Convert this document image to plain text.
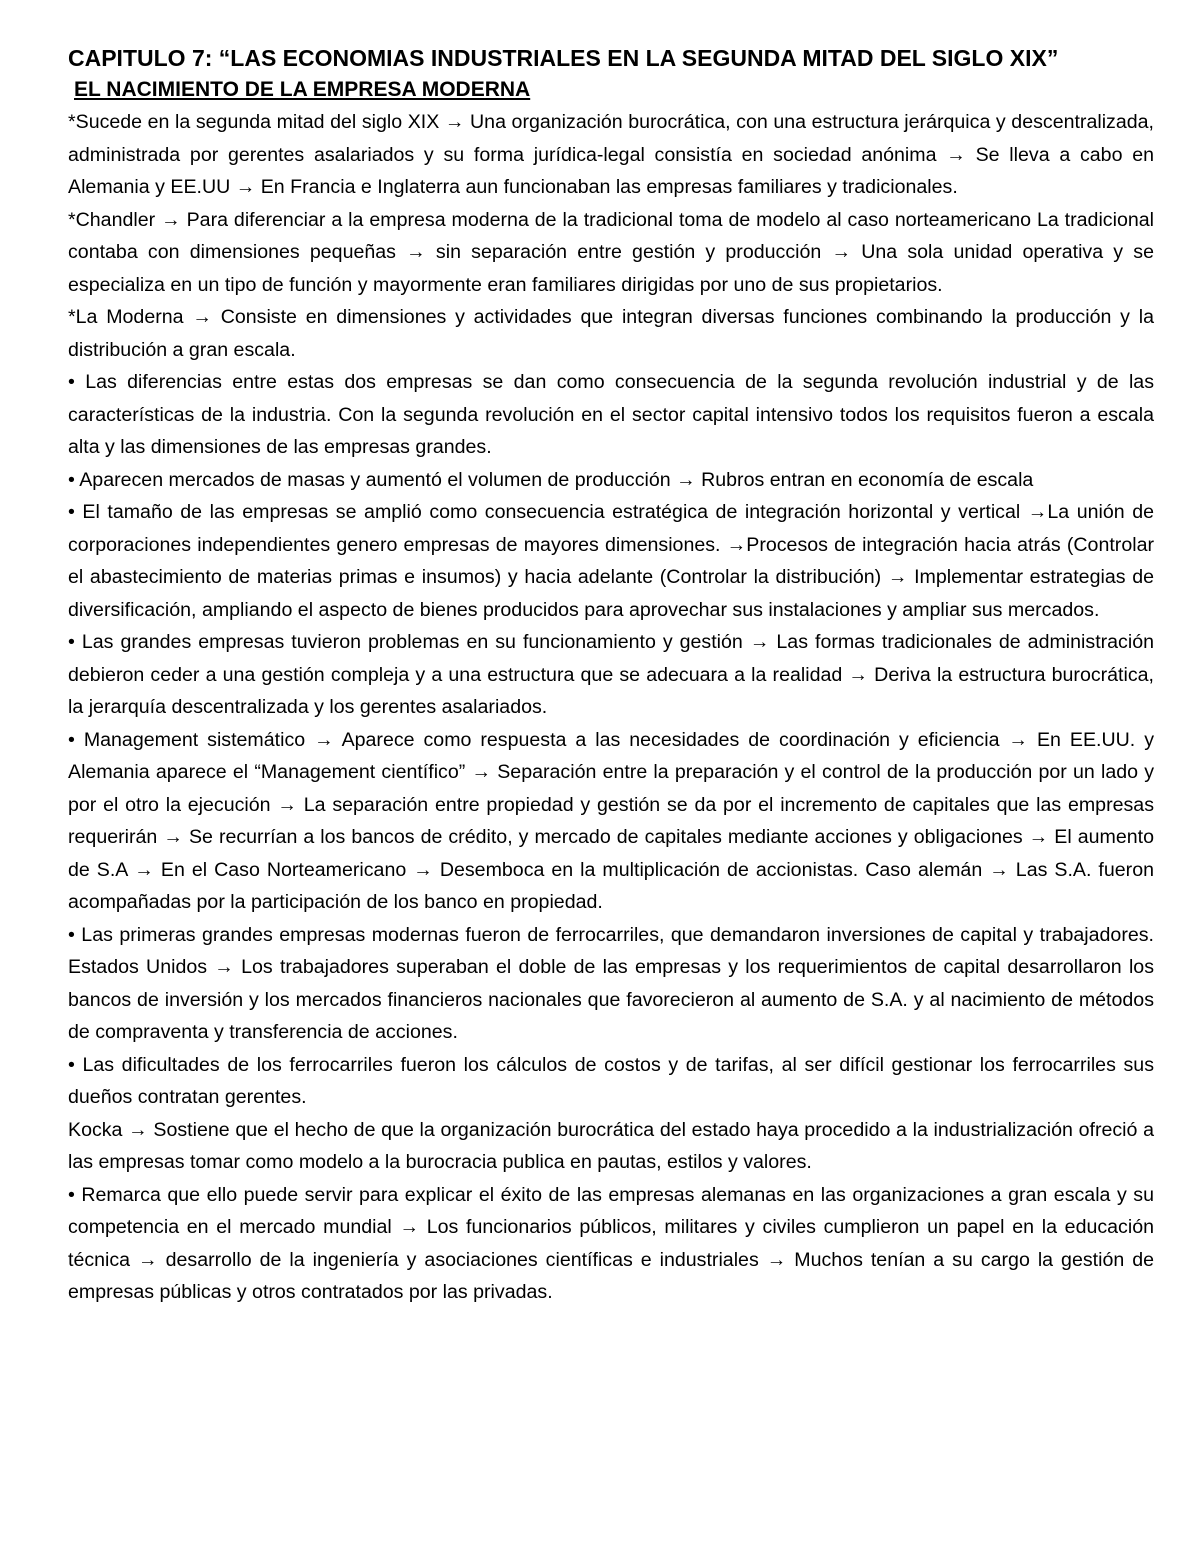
CAPITULO 7: “LAS ECONOMIAS INDUSTRIALES EN LA SEGUNDA MITAD DEL SIGLO XIX”
EL NACIMIENTO DE LA EMPRESA MODERNA

*Sucede en la segunda mitad del siglo XIX → Una organización burocrática, con una estructura jerárquica y descentralizada, administrada por gerentes asalariados y su forma jurídica-legal consistía en sociedad anónima → Se lleva a cabo en Alemania y EE.UU → En Francia e Inglaterra aun funcionaban las empresas familiares y tradicionales.

*Chandler → Para diferenciar a la empresa moderna de la tradicional toma de modelo al caso norteamericano La tradicional contaba con dimensiones pequeñas → sin separación entre gestión y producción → Una sola unidad operativa y se especializa en un tipo de función y mayormente eran familiares dirigidas por uno de sus propietarios.

*La Moderna → Consiste en dimensiones y actividades que integran diversas funciones combinando la producción y la distribución a gran escala.

• Las diferencias entre estas dos empresas se dan como consecuencia de la segunda revolución industrial y de las características de la industria. Con la segunda revolución en el sector capital intensivo todos los requisitos fueron a escala alta y las dimensiones de las empresas grandes.

• Aparecen mercados de masas y aumentó el volumen de producción → Rubros entran en economía de escala

• El tamaño de las empresas se amplió como consecuencia estratégica de integración horizontal y vertical →La unión de corporaciones independientes genero empresas de mayores dimensiones. →Procesos de integración hacia atrás (Controlar el abastecimiento de materias primas e insumos) y hacia adelante (Controlar la distribución) → Implementar estrategias de diversificación, ampliando el aspecto de bienes producidos para aprovechar sus instalaciones y ampliar sus mercados.

• Las grandes empresas tuvieron problemas en su funcionamiento y gestión → Las formas tradicionales de administración debieron ceder a una gestión compleja y a una estructura que se adecuara a la realidad → Deriva la estructura burocrática, la jerarquía descentralizada y los gerentes asalariados.

• Management sistemático → Aparece como respuesta a las necesidades de coordinación y eficiencia → En EE.UU. y Alemania aparece el “Management científico” → Separación entre la preparación y el control de la producción por un lado y por el otro la ejecución → La separación entre propiedad y gestión se da por el incremento de capitales que las empresas requerirán → Se recurrían a los bancos de crédito, y mercado de capitales mediante acciones y obligaciones → El aumento de S.A → En el Caso Norteamericano → Desemboca en la multiplicación de accionistas. Caso alemán → Las S.A. fueron acompañadas por la participación de los banco en propiedad.

• Las primeras grandes empresas modernas fueron de ferrocarriles, que demandaron inversiones de capital y trabajadores. Estados Unidos → Los trabajadores superaban el doble de las empresas y los requerimientos de capital desarrollaron los bancos de inversión y los mercados financieros nacionales que favorecieron al aumento de S.A. y al nacimiento de métodos de compraventa y transferencia de acciones.

• Las dificultades de los ferrocarriles fueron los cálculos de costos y de tarifas, al ser difícil gestionar los ferrocarriles sus dueños contratan gerentes.

Kocka → Sostiene que el hecho de que la organización burocrática del estado haya procedido a la industrialización ofreció a las empresas tomar como modelo a la burocracia publica en pautas, estilos y valores.

• Remarca que ello puede servir para explicar el éxito de las empresas alemanas en las organizaciones a gran escala y su competencia en el mercado mundial → Los funcionarios públicos, militares y civiles cumplieron un papel en la educación técnica → desarrollo de la ingeniería y asociaciones científicas e industriales → Muchos tenían a su cargo la gestión de empresas públicas y otros contratados por las privadas.
